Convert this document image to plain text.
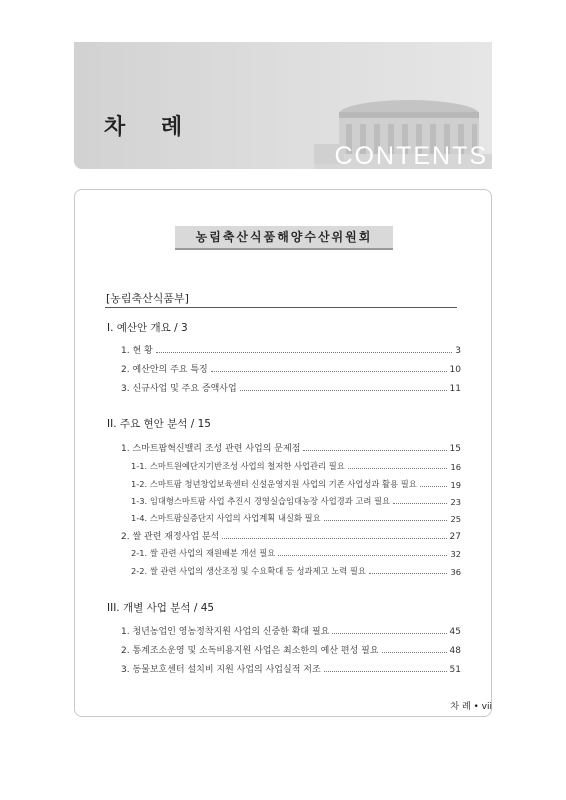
차 례
CONTENTS
농림축산식품해양수산위원회
[농림축산식품부]
I. 예산안 개요 / 3
1. 현 황	3
2. 예산안의 주요 특징	10
3. 신규사업 및 주요 증액사업	11
II. 주요 현안 분석 / 15
1. 스마트팜혁신밸리 조성 관련 사업의 문제점	15
1-1. 스마트원예단지기반조성 사업의 철저한 사업관리 필요	16
1-2. 스마트팜 청년창업보육센터 신설운영지원 사업의 기존 사업성과 활용 필요	19
1-3. 임대형스마트팜 사업 추진시 경영실습임대농장 사업경과 고려 필요	23
1-4. 스마트팜실증단지 사업의 사업계획 내실화 필요	25
2. 쌀 관련 재정사업 분석	27
2-1. 쌀 관련 사업의 재원배분 개선 필요	32
2-2. 쌀 관련 사업의 생산조정 및 수요확대 등 성과제고 노력 필요	36
III. 개별 사업 분석 / 45
1. 청년농업인 영농정착지원 사업의 신중한 확대 필요	45
2. 통계조소운영 및 소독비용지원 사업은 최소한의 예산 편성 필요	48
3. 동물보호센터 설치비 지원 사업의 사업실적 저조	51
차 례 • vii
